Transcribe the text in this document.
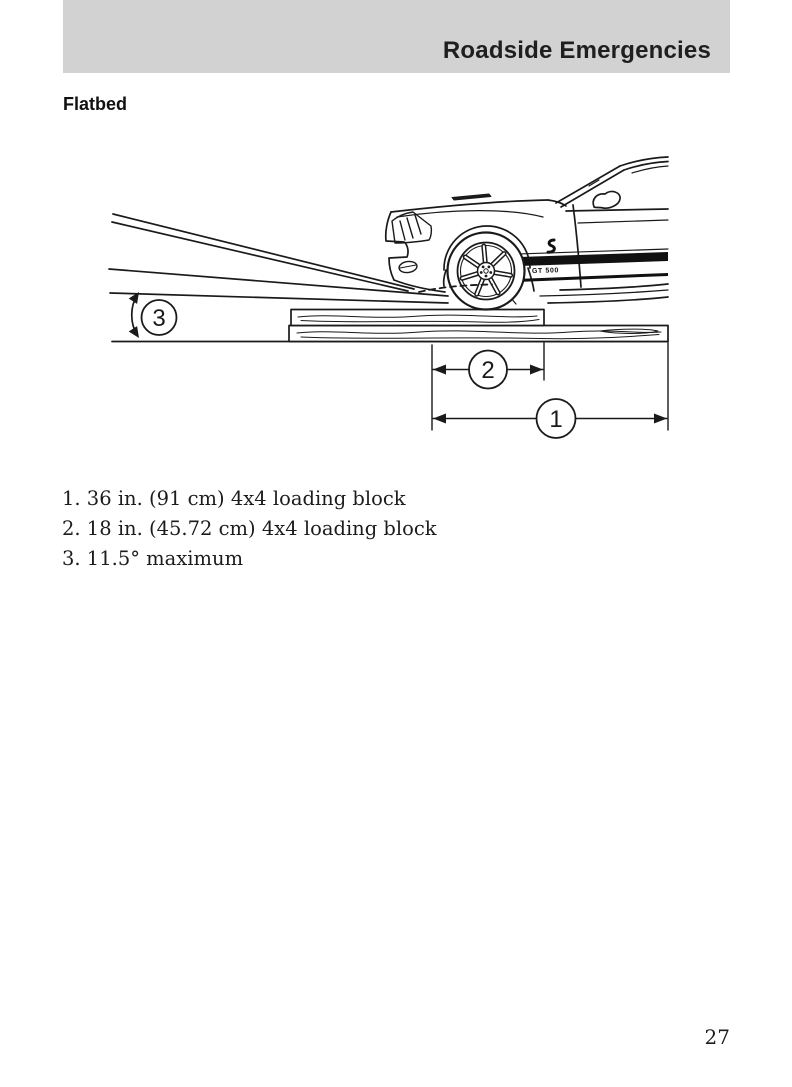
Roadside Emergencies
Flatbed
GT 500
3
2
1
1. 36 in. (91 cm) 4x4 loading block
2. 18 in. (45.72 cm) 4x4 loading block
3. 11.5° maximum
27
